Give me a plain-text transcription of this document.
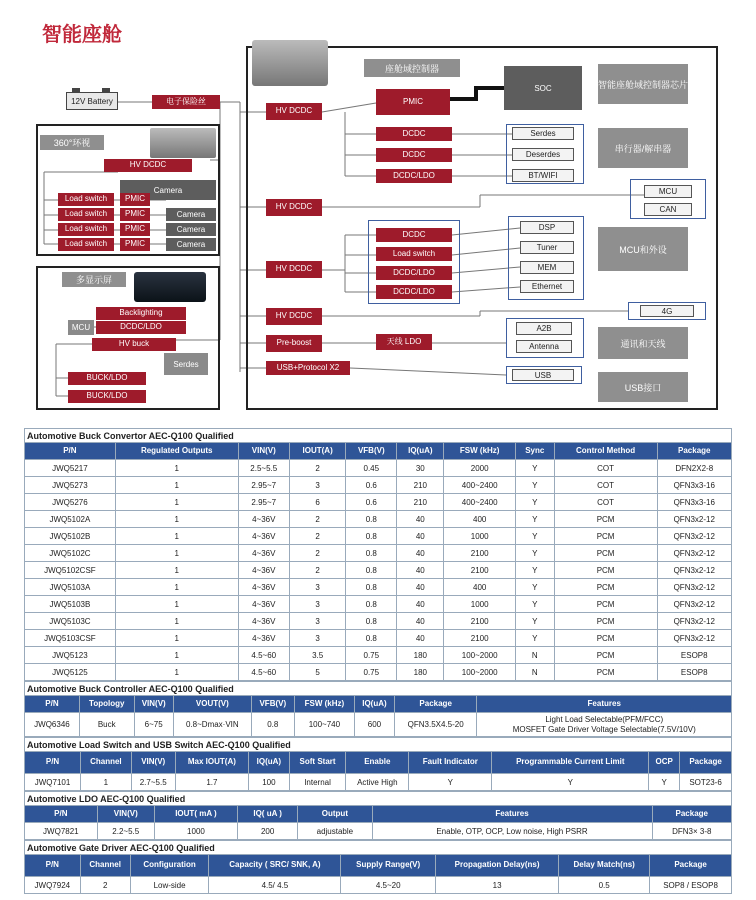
智能座舱
12V Battery	电子保险丝
360°环视
HV DCDC
Camera
Load switch
Load switch
Load switch
Load switch
PMIC
PMIC
PMIC
PMIC
Camera
Camera
Camera
多显示屏
Backlighting
MCU	DCDC/LDO
HV buck
Serdes
BUCK/LDO
BUCK/LDO
座舱域控制器
HV DCDC
HV DCDC
HV DCDC
HV DCDC
Pre-boost
USB+Protocol X2
PMIC
SOC
DCDC
DCDC
DCDC/LDO
Serdes
Deserdes
BT/WIFI
MCU
CAN
DCDC
Load switch
DCDC/LDO
DCDC/LDO
DSP
Tuner
MEM
Ethernet
4G
天线 LDO
A2B
Antenna
USB
智能座舱域控制器芯片
串行器/解串器
MCU和外设
通讯和天线
USB接口
Automotive Buck Convertor AEC-Q100 Qualified									
P/N	Regulated Outputs	VIN(V)	IOUT(A)	VFB(V)	IQ(uA)	FSW (kHz)	Sync	Control Method	Package
JWQ5217	1	2.5~5.5	2	0.45	30	2000	Y	COT	DFN2X2-8
JWQ5273	1	2.95~7	3	0.6	210	400~2400	Y	COT	QFN3x3-16
JWQ5276	1	2.95~7	6	0.6	210	400~2400	Y	COT	QFN3x3-16
JWQ5102A	1	4~36V	2	0.8	40	400	Y	PCM	QFN3x2-12
JWQ5102B	1	4~36V	2	0.8	40	1000	Y	PCM	QFN3x2-12
JWQ5102C	1	4~36V	2	0.8	40	2100	Y	PCM	QFN3x2-12
JWQ5102CSF	1	4~36V	2	0.8	40	2100	Y	PCM	QFN3x2-12
JWQ5103A	1	4~36V	3	0.8	40	400	Y	PCM	QFN3x2-12
JWQ5103B	1	4~36V	3	0.8	40	1000	Y	PCM	QFN3x2-12
JWQ5103C	1	4~36V	3	0.8	40	2100	Y	PCM	QFN3x2-12
JWQ5103CSF	1	4~36V	3	0.8	40	2100	Y	PCM	QFN3x2-12
JWQ5123	1	4.5~60	3.5	0.75	180	100~2000	N	PCM	ESOP8
JWQ5125	1	4.5~60	5	0.75	180	100~2000	N	PCM	ESOP8
Automotive Buck Controller AEC-Q100 Qualified								
P/N	Topology	VIN(V)	VOUT(V)	VFB(V)	FSW (kHz)	IQ(uA)	Package	Features
JWQ6346	Buck	6~75	0.8~Dmax·VIN	0.8	100~740	600	QFN3.5X4.5-20	Light Load Selectable(PFM/FCC)
MOSFET Gate Driver Voltage Selectable(7.5V/10V)
Automotive Load Switch and USB Switch AEC-Q100 Qualified										
P/N	Channel	VIN(V)	Max IOUT(A)	IQ(uA)	Soft Start	Enable	Fault Indicator	Programmable Current Limit	OCP	Package
JWQ7101	1	2.7~5.5	1.7	100	Internal	Active High	Y	Y	Y	SOT23-6
Automotive LDO AEC-Q100 Qualified						
P/N	VIN(V)	IOUT( mA )	IQ( uA )	Output	Features	Package
JWQ7821	2.2~5.5	1000	200	adjustable	Enable, OTP, OCP, Low noise, High PSRR	DFN3× 3-8
Automotive Gate Driver AEC-Q100 Qualified							
P/N	Channel	Configuration	Capacity ( SRC/ SNK, A)	Supply Range(V)	Propagation Delay(ns)	Delay Match(ns)	Package
JWQ7924	2	Low-side	4.5/ 4.5	4.5~20	13	0.5	SOP8 / ESOP8
